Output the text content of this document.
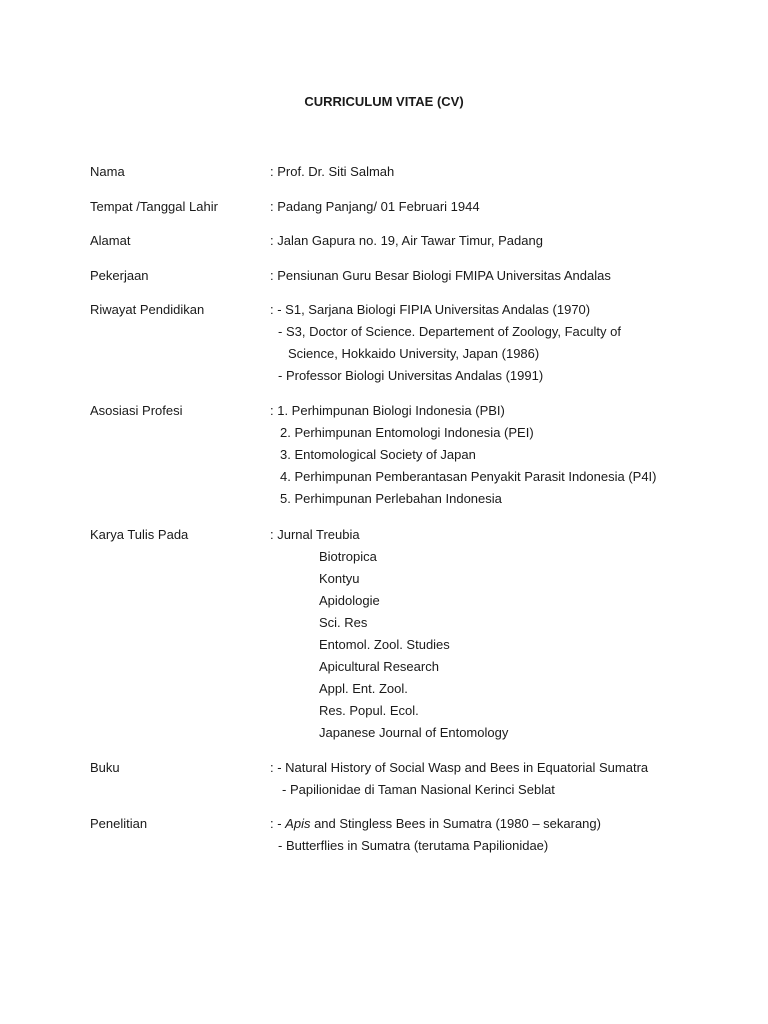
CURRICULUM VITAE (CV)
Nama	: Prof. Dr. Siti Salmah
Tempat /Tanggal Lahir	: Padang Panjang/ 01 Februari 1944
Alamat	: Jalan Gapura no. 19, Air Tawar Timur, Padang
Pekerjaan	: Pensiunan Guru Besar Biologi FMIPA Universitas Andalas
Riwayat Pendidikan	: - S1, Sarjana Biologi FIPIA Universitas Andalas (1970)
- S3, Doctor of Science. Departement of Zoology, Faculty of
Science, Hokkaido University, Japan (1986)
- Professor Biologi Universitas Andalas (1991)
Asosiasi Profesi	: 1. Perhimpunan Biologi Indonesia (PBI)
2. Perhimpunan Entomologi Indonesia (PEI)
3. Entomological Society of Japan
4. Perhimpunan Pemberantasan Penyakit Parasit Indonesia (P4I)
5. Perhimpunan Perlebahan Indonesia
Karya Tulis Pada	: Jurnal Treubia
Biotropica
Kontyu
Apidologie
Sci. Res
Entomol. Zool. Studies
Apicultural Research
Appl. Ent. Zool.
Res. Popul. Ecol.
Japanese Journal of Entomology
Buku	: - Natural History of Social Wasp and Bees in Equatorial Sumatra
- Papilionidae di Taman Nasional Kerinci Seblat
Penelitian	: - Apis and Stingless Bees in Sumatra (1980 – sekarang)
- Butterflies in Sumatra (terutama Papilionidae)
